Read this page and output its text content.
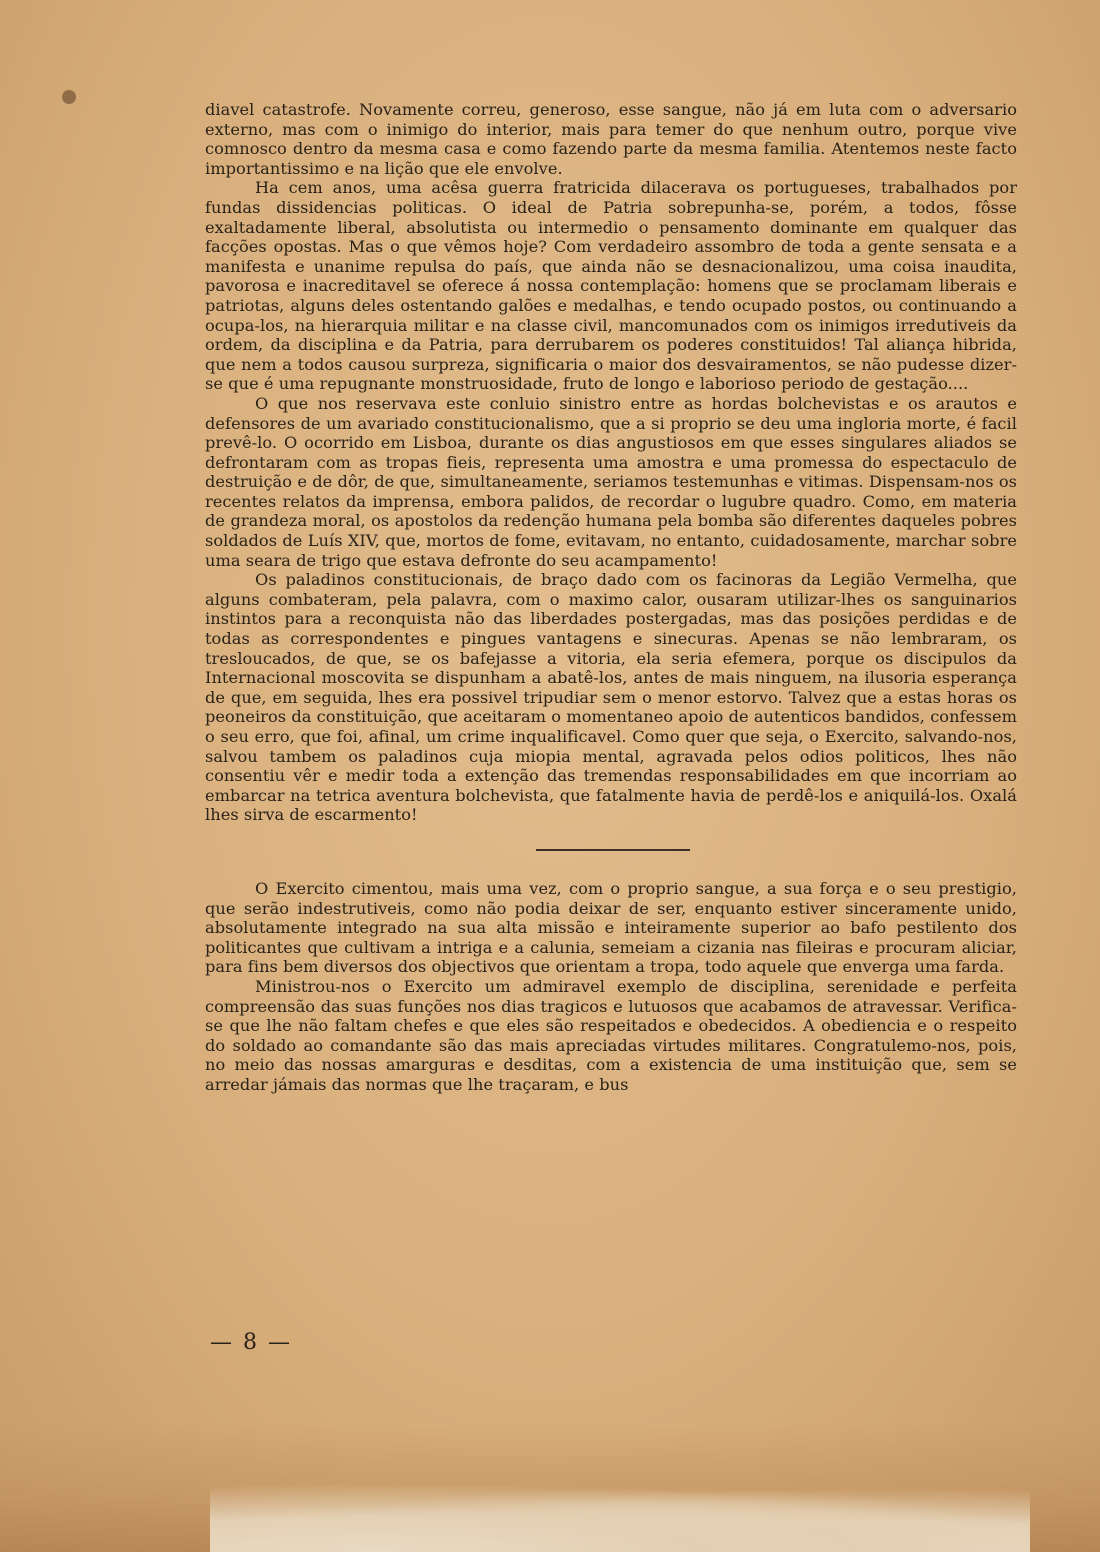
diavel catastrofe. Novamente correu, generoso, esse sangue, não já em luta com o adversario externo, mas com o inimigo do interior, mais para temer do que nenhum outro, porque vive comnosco dentro da mesma casa e como fazendo parte da mesma familia. Atentemos neste facto importantissimo e na lição que ele envolve.

Ha cem anos, uma acêsa guerra fratricida dilacerava os portugueses, trabalhados por fundas dissidencias politicas. O ideal de Patria sobrepunha-se, porém, a todos, fôsse exaltadamente liberal, absolutista ou intermedio o pensamento dominante em qualquer das facções opostas. Mas o que vêmos hoje? Com verdadeiro assombro de toda a gente sensata e a manifesta e unanime repulsa do país, que ainda não se desnacionalizou, uma coisa inaudita, pavorosa e inacreditavel se oferece á nossa contemplação: homens que se proclamam liberais e patriotas, alguns deles ostentando galões e medalhas, e tendo ocupado postos, ou continuando a ocupa-los, na hierarquia militar e na classe civil, mancomunados com os inimigos irredutiveis da ordem, da disciplina e da Patria, para derrubarem os poderes constituidos! Tal aliança hibrida, que nem a todos causou surpreza, significaria o maior dos desvairamentos, se não pudesse dizer-se que é uma repugnante monstruosidade, fruto de longo e laborioso periodo de gestação....

O que nos reservava este conluio sinistro entre as hordas bolchevistas e os arautos e defensores de um avariado constitucionalismo, que a si proprio se deu uma ingloria morte, é facil prevê-lo. O ocorrido em Lisboa, durante os dias angustiosos em que esses singulares aliados se defrontaram com as tropas fieis, representa uma amostra e uma promessa do espectaculo de destruição e de dôr, de que, simultaneamente, seriamos testemunhas e vitimas. Dispensam-nos os recentes relatos da imprensa, embora palidos, de recordar o lugubre quadro. Como, em materia de grandeza moral, os apostolos da redenção humana pela bomba são diferentes daqueles pobres soldados de Luís XIV, que, mortos de fome, evitavam, no entanto, cuidadosamente, marchar sobre uma seara de trigo que estava defronte do seu acampamento!

Os paladinos constitucionais, de braço dado com os facinoras da Legião Vermelha, que alguns combateram, pela palavra, com o maximo calor, ousaram utilizar-lhes os sanguinarios instintos para a reconquista não das liberdades postergadas, mas das posições perdidas e de todas as correspondentes e pingues vantagens e sinecuras. Apenas se não lembraram, os tresloucados, de que, se os bafejasse a vitoria, ela seria efemera, porque os discipulos da Internacional moscovita se dispunham a abatê-los, antes de mais ninguem, na ilusoria esperança de que, em seguida, lhes era possivel tripudiar sem o menor estorvo. Talvez que a estas horas os peoneiros da constituição, que aceitaram o momentaneo apoio de autenticos bandidos, confessem o seu erro, que foi, afinal, um crime inqualificavel. Como quer que seja, o Exercito, salvando-nos, salvou tambem os paladinos cuja miopia mental, agravada pelos odios politicos, lhes não consentiu vêr e medir toda a extenção das tremendas responsabilidades em que incorriam ao embarcar na tetrica aventura bolchevista, que fatalmente havia de perdê-los e aniquilá-los. Oxalá lhes sirva de escarmento!

O Exercito cimentou, mais uma vez, com o proprio sangue, a sua força e o seu prestigio, que serão indestrutiveis, como não podia deixar de ser, enquanto estiver sinceramente unido, absolutamente integrado na sua alta missão e inteiramente superior ao bafo pestilento dos politicantes que cultivam a intriga e a calunia, semeiam a cizania nas fileiras e procuram aliciar, para fins bem diversos dos objectivos que orientam a tropa, todo aquele que enverga uma farda.

Ministrou-nos o Exercito um admiravel exemplo de disciplina, serenidade e perfeita compreensão das suas funções nos dias tragicos e lutuosos que acabamos de atravessar. Verifica-se que lhe não faltam chefes e que eles são respeitados e obedecidos. A obediencia e o respeito do soldado ao comandante são das mais apreciadas virtudes militares. Congratulemo-nos, pois, no meio das nossas amarguras e desditas, com a existencia de uma instituição que, sem se arredar jámais das normas que lhe traçaram, e bus

— 8 —
